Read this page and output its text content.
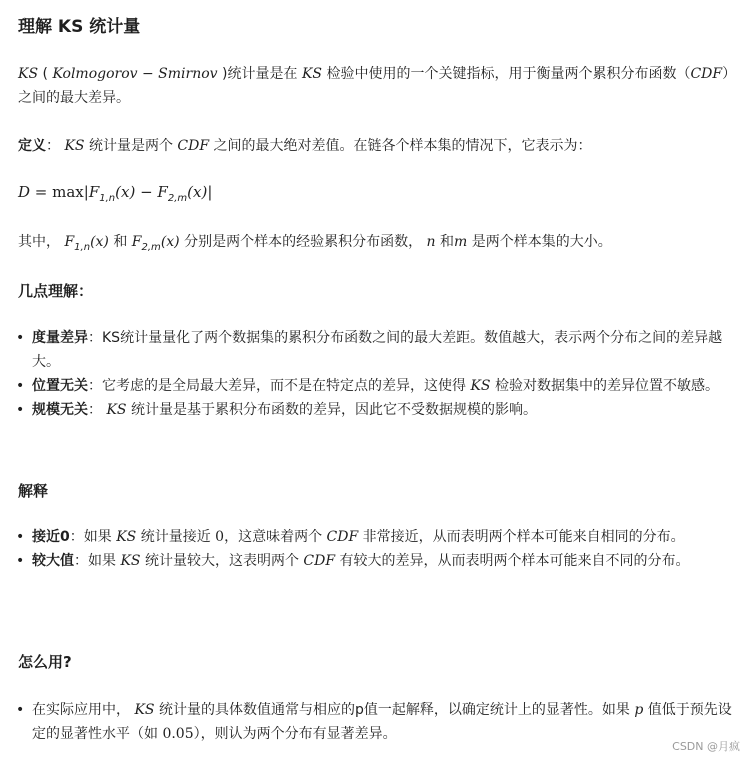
理解 KS 统计量

KS ( Kolmogorov − Smirnov )统计量是在 KS 检验中使用的一个关键指标，用于衡量两个累积分布函数（CDF）之间的最大差异。

定义： KS 统计量是两个 CDF 之间的最大绝对差值。在链各个样本集的情况下，它表示为：

$D = \max|F_{1,n}(x) - F_{2,m}(x)|$

其中， $F_{1,n}(x)$ 和 $F_{2,m}(x)$ 分别是两个样本的经验累积分布函数， n 和m 是两个样本集的大小。

几点理解：
• 度量差异：KS统计量量化了两个数据集的累积分布函数之间的最大差距。数值越大，表示两个分布之间的差异越大。
• 位置无关：它考虑的是全局最大差异，而不是在特定点的差异，这使得 KS 检验对数据集中的差异位置不敏感。
• 规模无关： KS 统计量是基于累积分布函数的差异，因此它不受数据规模的影响。
解释
• 接近0：如果 KS 统计量接近 0，这意味着两个 CDF 非常接近，从而表明两个样本可能来自相同的分布。
• 较大值：如果 KS 统计量较大，这表明两个 CDF 有较大的差异，从而表明两个样本可能来自不同的分布。
怎么用?
• 在实际应用中， KS 统计量的具体数值通常与相应的p值一起解释，以确定统计上的显著性。如果 p 值低于预先设定的显著性水平（如 0.05），则认为两个分布有显著差异。
CSDN @月疯
